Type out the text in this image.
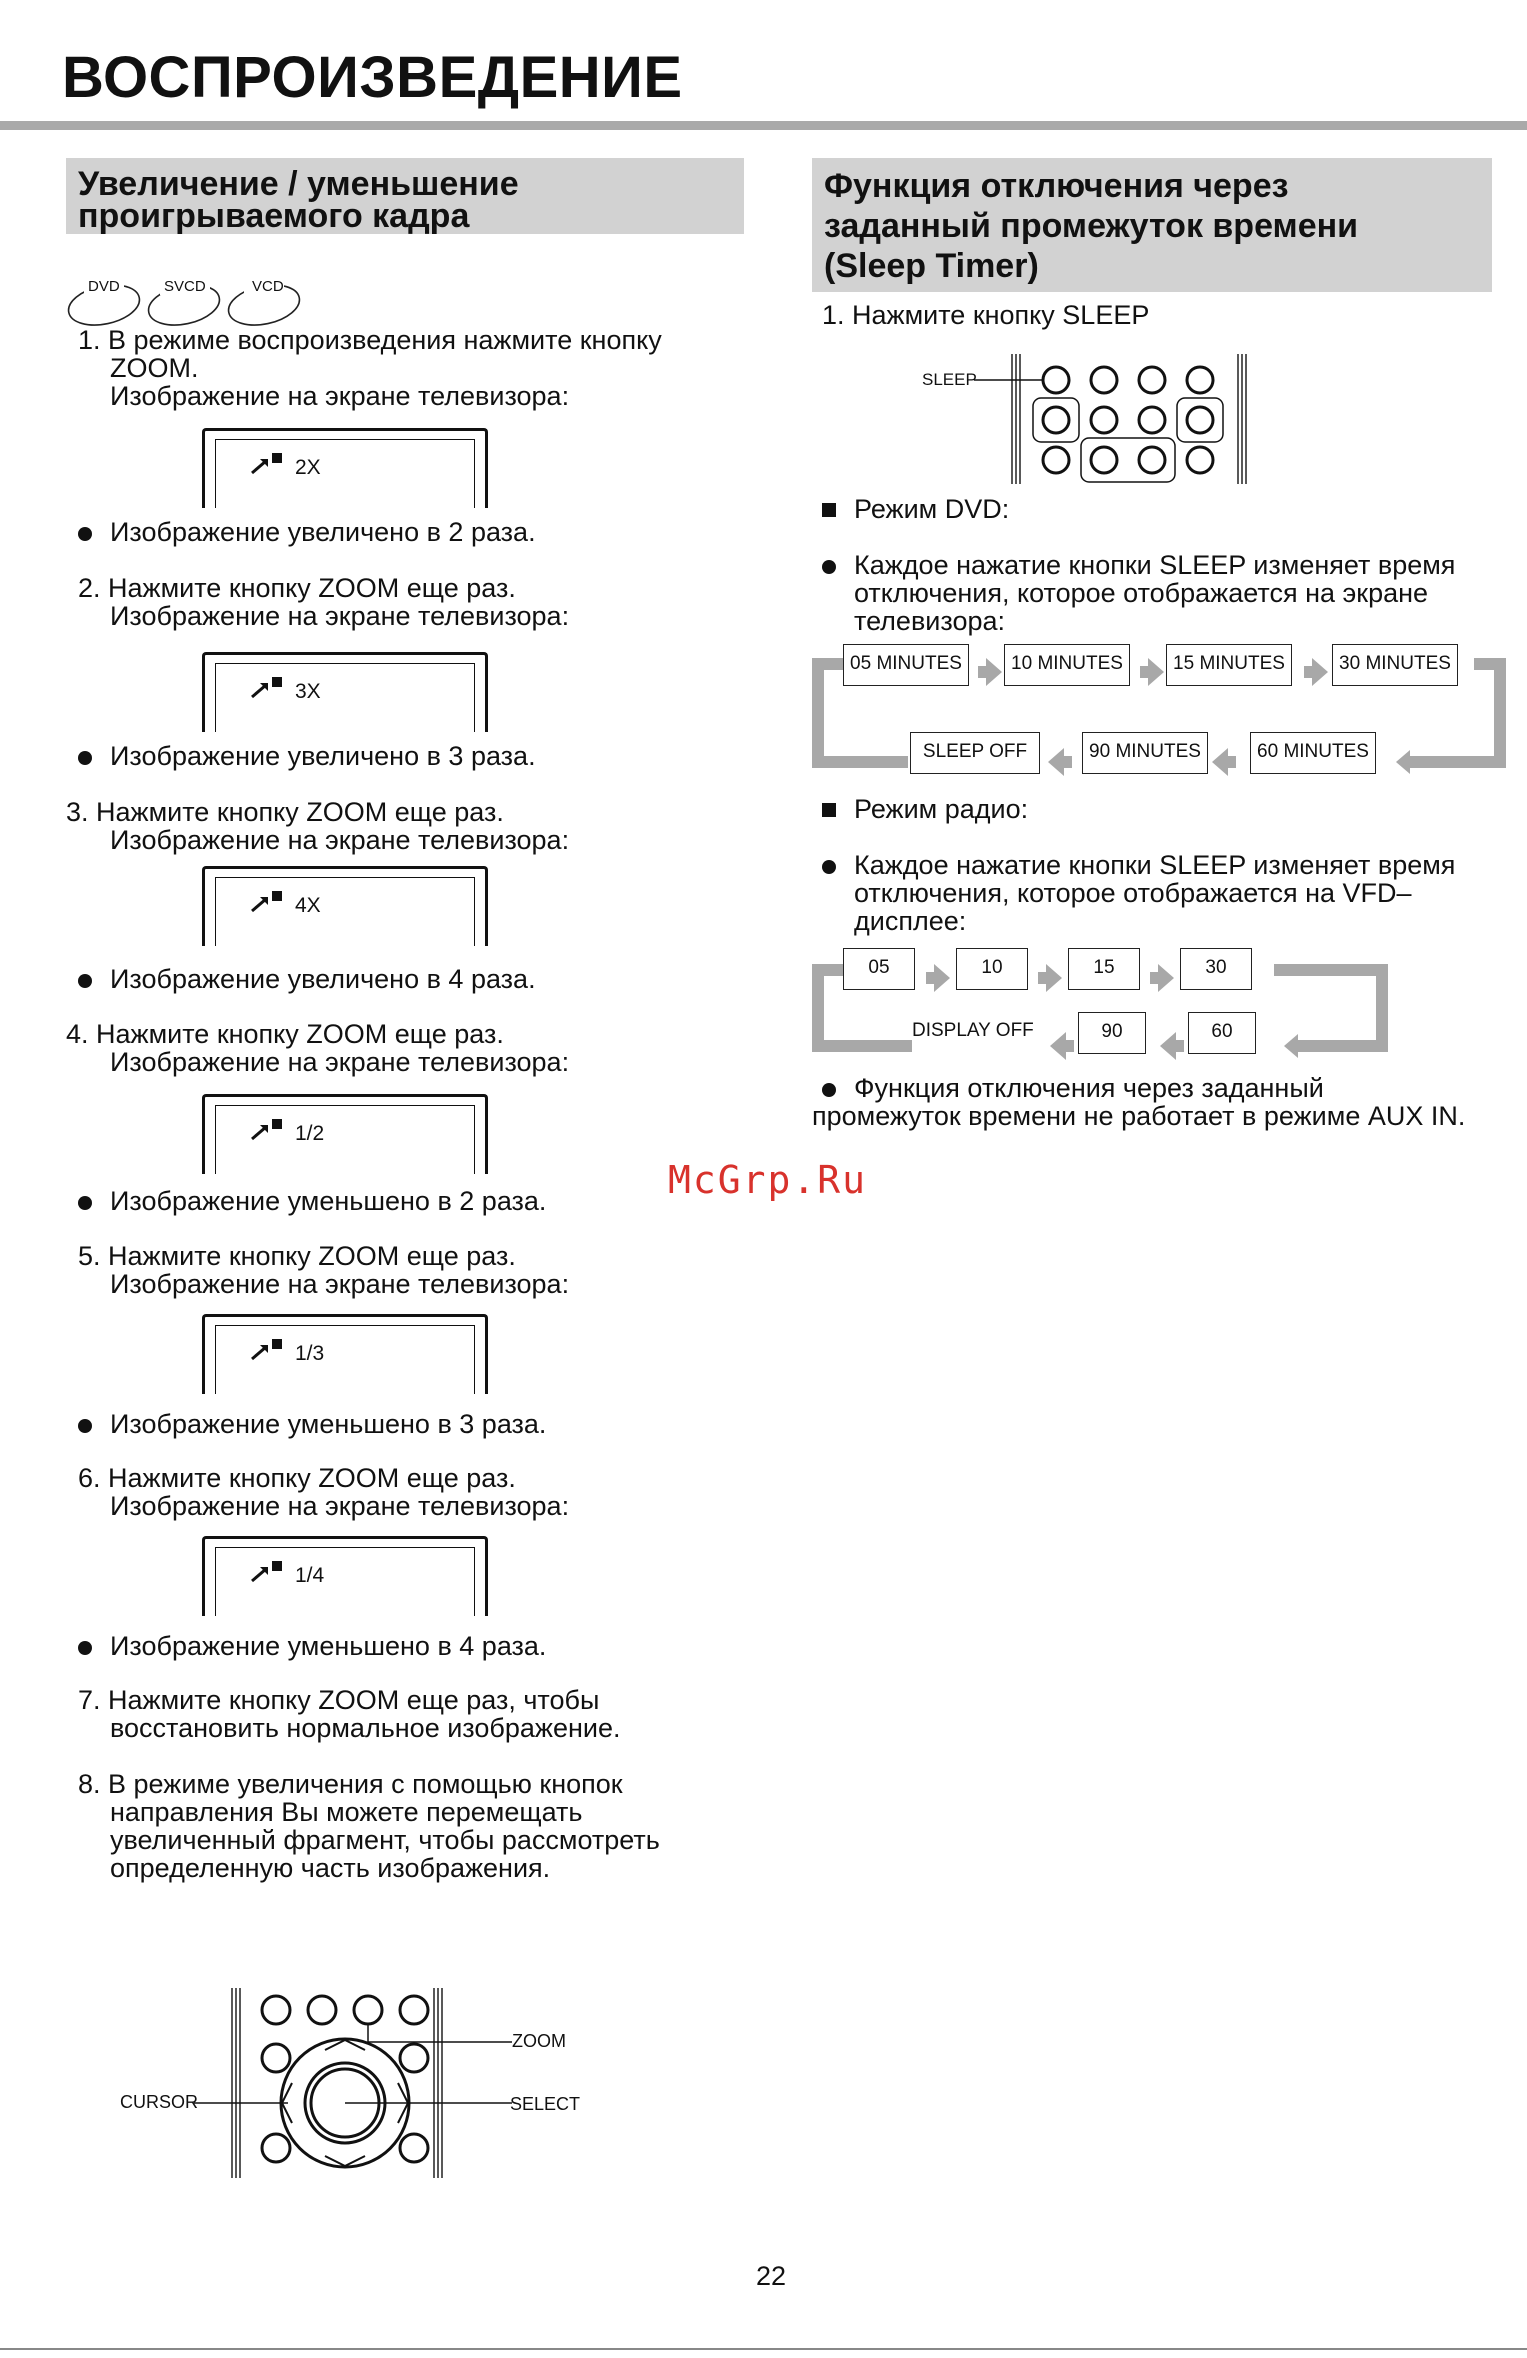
ВОСПРОИЗВЕДЕНИЕ
Увеличение / уменьшение
проигрываемого кадра
DVD	SVCD	VCD
1. В режиме воспроизведения нажмите кнопку
ZOOM.
Изображение на экране телевизора:
2X
Изображение увеличено в 2 раза.
2. Нажмите кнопку ZOOM еще раз.
Изображение на экране телевизора:
3X
Изображение увеличено в 3 раза.
3. Нажмите кнопку ZOOM еще раз.
Изображение на экране телевизора:
4X
Изображение увеличено в 4 раза.
4. Нажмите кнопку ZOOM еще раз.
Изображение на экране телевизора:
1/2
Изображение уменьшено в 2 раза.
5. Нажмите кнопку ZOOM еще раз.
Изображение на экране телевизора:
1/3
Изображение уменьшено в 3 раза.
6. Нажмите кнопку ZOOM еще раз.
Изображение на экране телевизора:
1/4
Изображение уменьшено в 4 раза.
7. Нажмите кнопку ZOOM еще раз, чтобы
восстановить нормальное изображение.
8. В режиме увеличения с помощью кнопок
направления Вы можете перемещать
увеличенный фрагмент, чтобы рассмотреть
определенную часть изображения.
ZOOM
CURSOR	SELECT
Функция отключения через
заданный промежуток времени
(Sleep Timer)
1. Нажмите кнопку SLEEP
SLEEP
Режим DVD:
Каждое нажатие кнопки SLEEP изменяет время
отключения, которое отображается на экране
телевизора:
05 MINUTES	10 MINUTES	15 MINUTES	30 MINUTES
SLEEP OFF	90 MINUTES	60 MINUTES
Режим радио:
Каждое нажатие кнопки SLEEP изменяет время
отключения, которое отображается на VFD–
дисплее:
05	10	15	30
DISPLAY OFF	90	60
Функция отключения через заданный
промежуток времени не работает в режиме AUX IN.
McGrp.Ru
22
